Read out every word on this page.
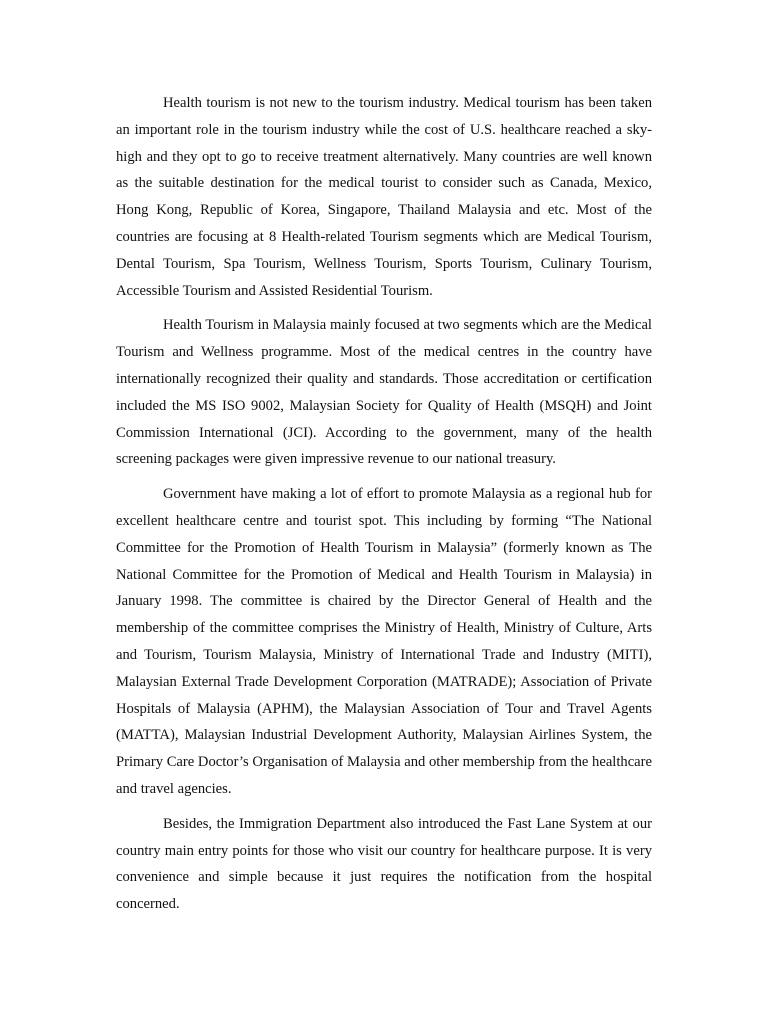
Health tourism is not new to the tourism industry. Medical tourism has been taken an important role in the tourism industry while the cost of U.S. healthcare reached a sky-high and they opt to go to receive treatment alternatively. Many countries are well known as the suitable destination for the medical tourist to consider such as Canada, Mexico, Hong Kong, Republic of Korea, Singapore, Thailand Malaysia and etc. Most of the countries are focusing at 8 Health-related Tourism segments which are Medical Tourism, Dental Tourism, Spa Tourism, Wellness Tourism, Sports Tourism, Culinary Tourism, Accessible Tourism and Assisted Residential Tourism.

Health Tourism in Malaysia mainly focused at two segments which are the Medical Tourism and Wellness programme. Most of the medical centres in the country have internationally recognized their quality and standards. Those accreditation or certification included the MS ISO 9002, Malaysian Society for Quality of Health (MSQH) and Joint Commission International (JCI). According to the government, many of the health screening packages were given impressive revenue to our national treasury.

Government have making a lot of effort to promote Malaysia as a regional hub for excellent healthcare centre and tourist spot. This including by forming “The National Committee for the Promotion of Health Tourism in Malaysia” (formerly known as The National Committee for the Promotion of Medical and Health Tourism in Malaysia) in January 1998. The committee is chaired by the Director General of Health and the membership of the committee comprises the Ministry of Health, Ministry of Culture, Arts and Tourism, Tourism Malaysia, Ministry of International Trade and Industry (MITI), Malaysian External Trade Development Corporation (MATRADE); Association of Private Hospitals of Malaysia (APHM), the Malaysian Association of Tour and Travel Agents (MATTA), Malaysian Industrial Development Authority, Malaysian Airlines System, the Primary Care Doctor’s Organisation of Malaysia and other membership from the healthcare and travel agencies.

Besides, the Immigration Department also introduced the Fast Lane System at our country main entry points for those who visit our country for healthcare purpose. It is very convenience and simple because it just requires the notification from the hospital concerned.
